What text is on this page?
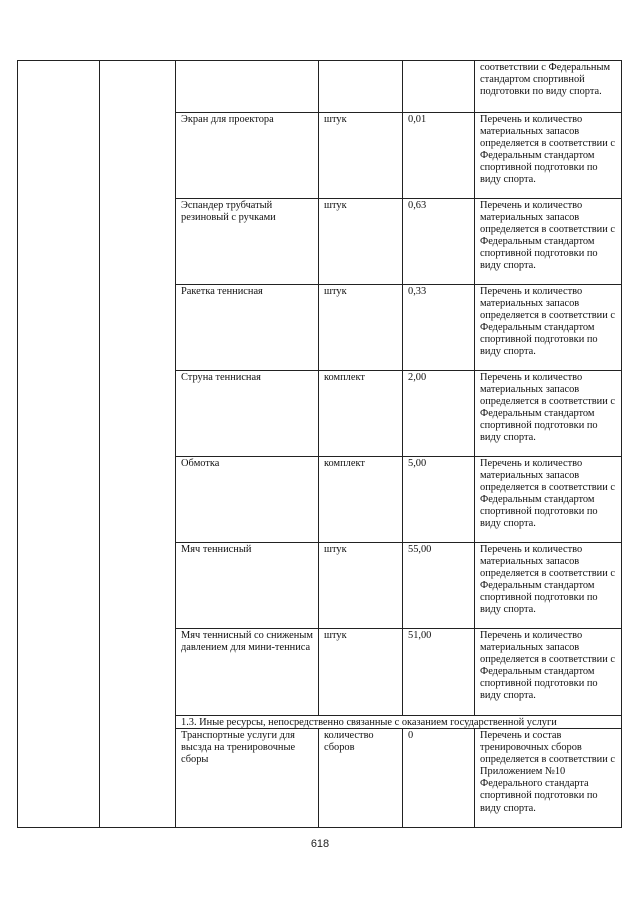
					соответствии с Федеральным стандартом спортивной подготовки по виду спорта.
		Экран для проектора	штук	0,01	Перечень и количество материальных запасов определяется в соответствии с Федеральным стандартом спортивной подготовки по виду спорта.
		Эспандер трубчатый резиновый с ручками	штук	0,63	Перечень и количество материальных запасов определяется в соответствии с Федеральным стандартом спортивной подготовки по виду спорта.
		Ракетка теннисная	штук	0,33	Перечень и количество материальных запасов определяется в соответствии с Федеральным стандартом спортивной подготовки по виду спорта.
		Струна теннисная	комплект	2,00	Перечень и количество материальных запасов определяется в соответствии с Федеральным стандартом спортивной подготовки по виду спорта.
		Обмотка	комплект	5,00	Перечень и количество материальных запасов определяется в соответствии с Федеральным стандартом спортивной подготовки по виду спорта.
		Мяч теннисный	штук	55,00	Перечень и количество материальных запасов определяется в соответствии с Федеральным стандартом спортивной подготовки по виду спорта.
		Мяч теннисный со сниженым давлением для мини-тенниса	штук	51,00	Перечень и количество материальных запасов определяется в соответствии с Федеральным стандартом спортивной подготовки по виду спорта.
		1.3. Иные ресурсы, непосредственно связанные с оказанием государственной услуги			
		Транспортные услуги для высзда на тренировочные сборы	количество сборов	0	Перечень и состав тренировочных сборов определяется в соответствии с Приложением №10 Федерального стандарта спортивной подготовки по виду спорта.
618
